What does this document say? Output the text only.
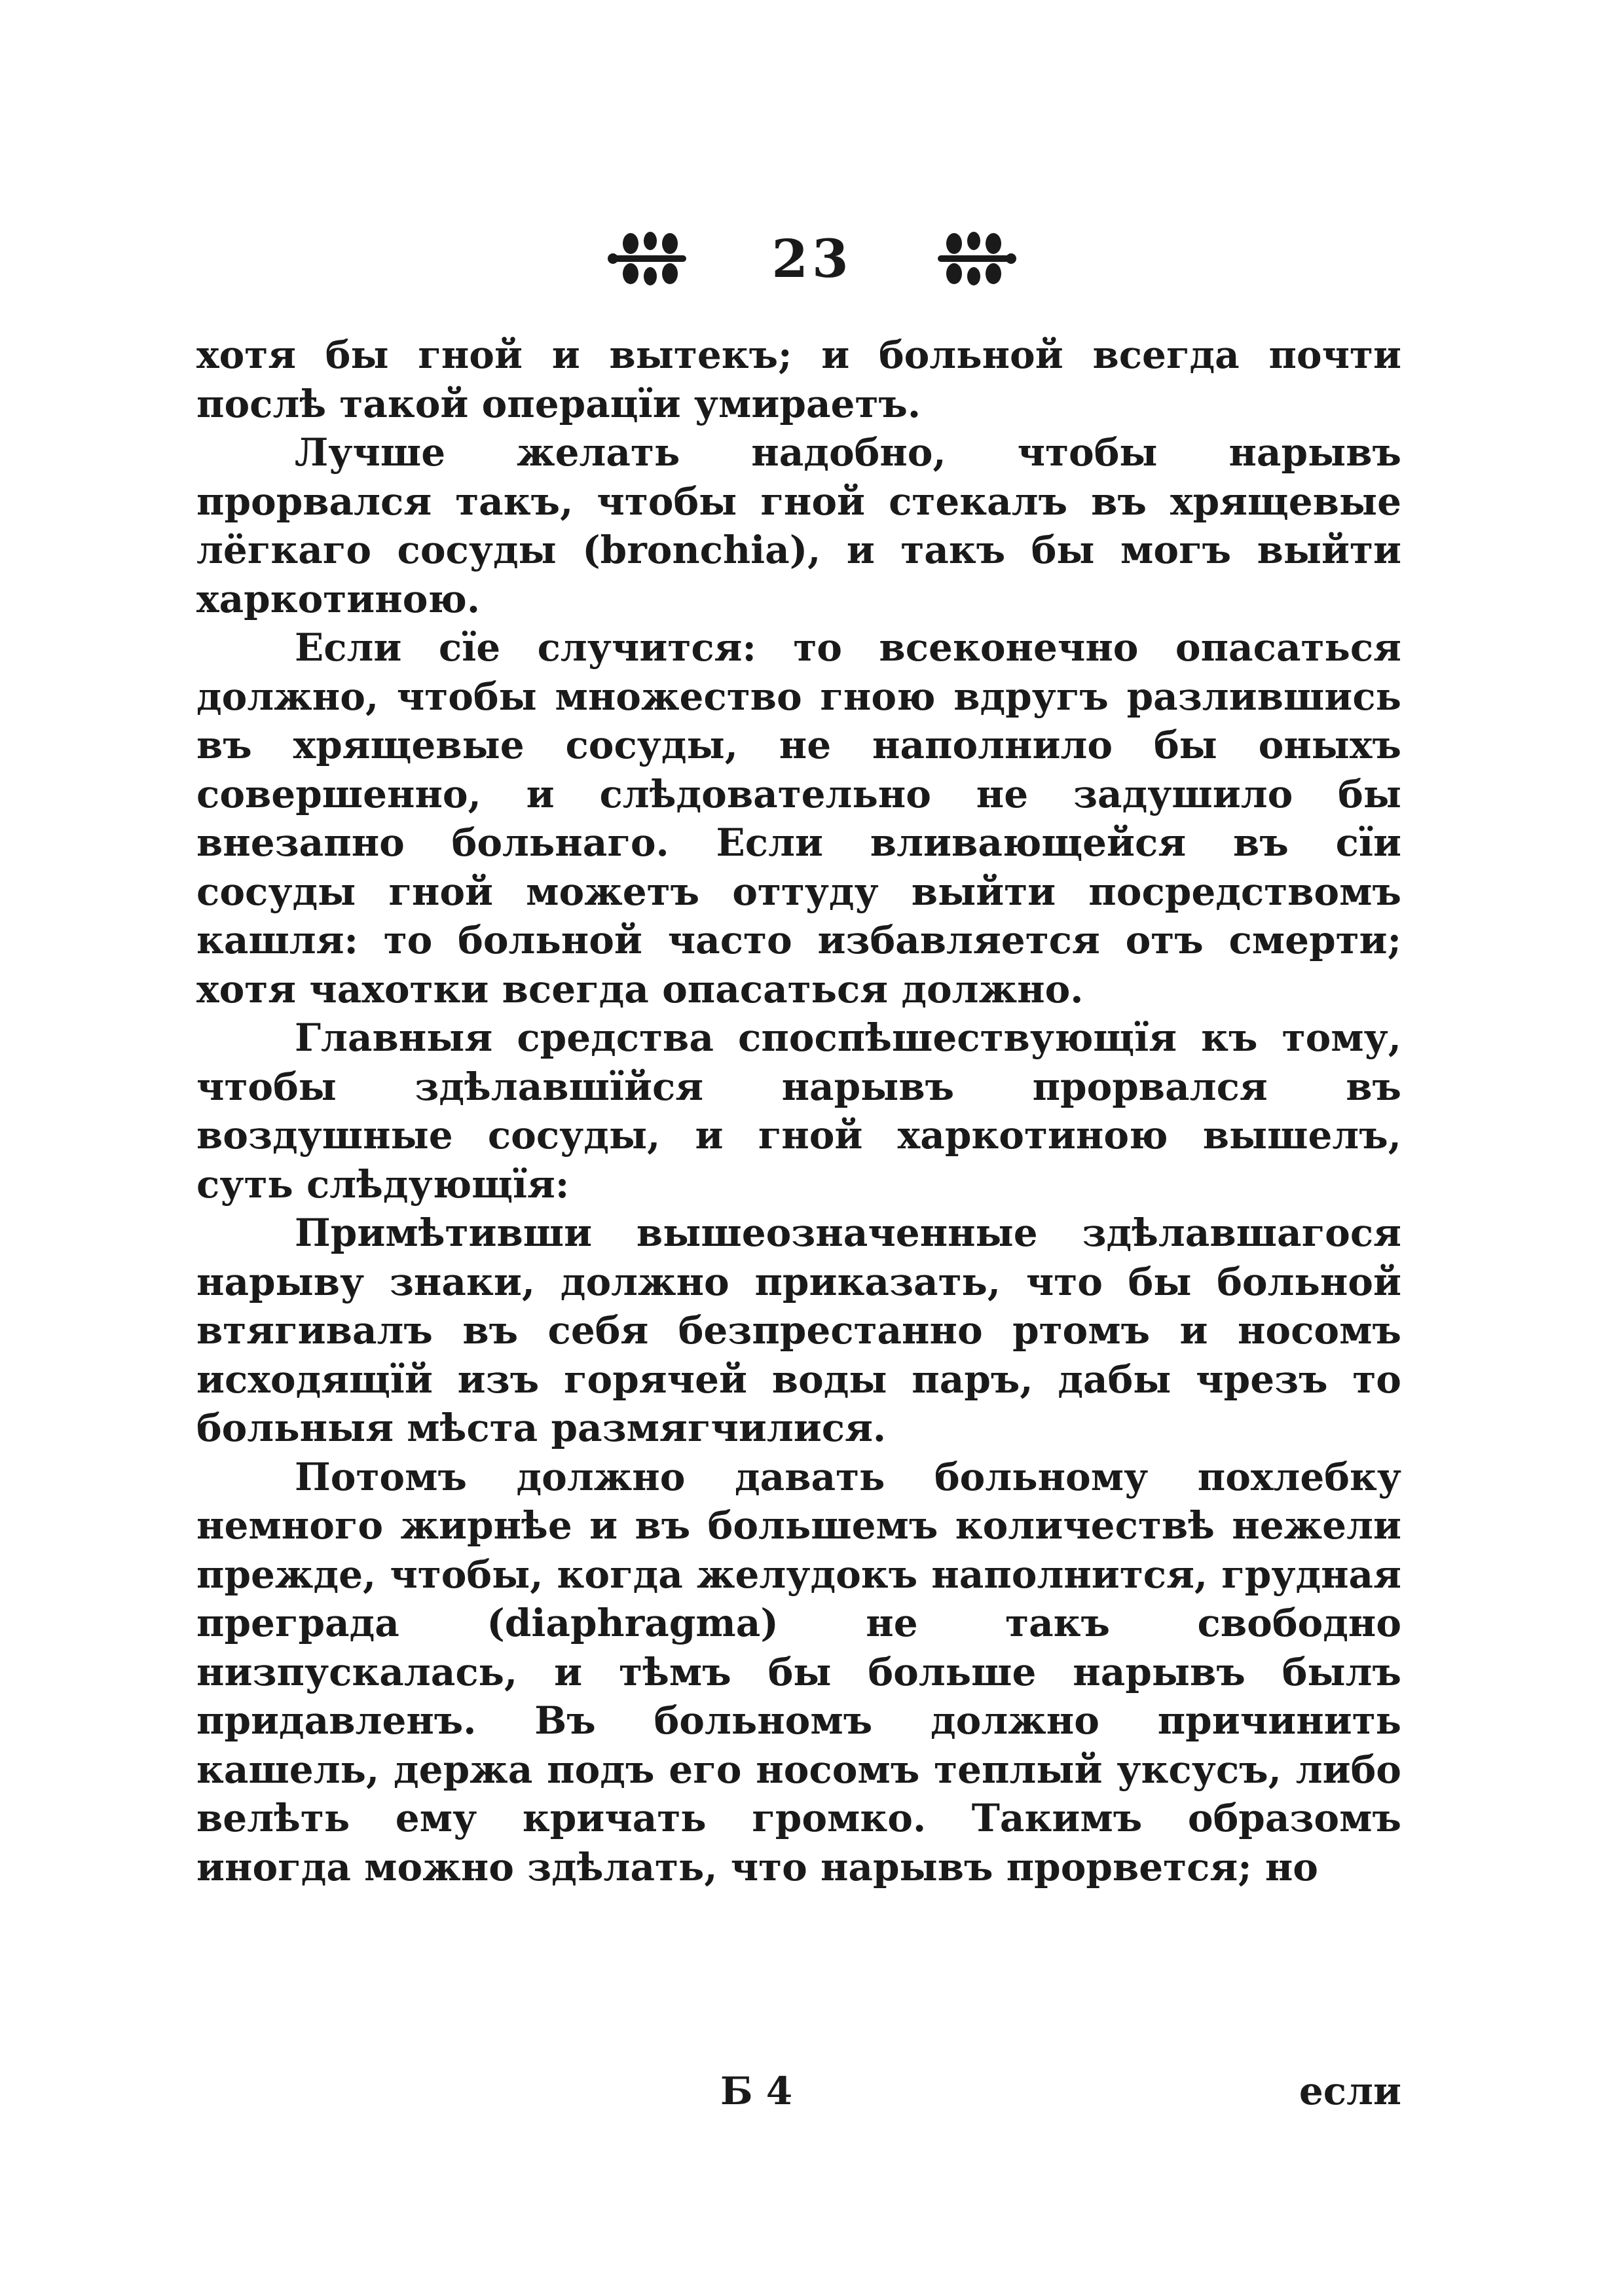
23

хотя бы гной и вытекъ; и больной всегда почти послѣ такой операцїи умираетъ.

Лучше желать надобно, чтобы нарывъ прорвался такъ, чтобы гной стекалъ въ хрящевые лёгкаго сосуды (bronchia), и такъ бы могъ выйти харкотиною.

Если сїе случится: то всеконечно опасаться должно, чтобы множество гною вдругъ разлившись въ хрящевые сосуды, не наполнило бы оныхъ совершенно, и слѣдовательно не задушило бы внезапно больнаго. Если вливающейся въ сїи сосуды гной можетъ оттуду выйти посредствомъ кашля: то больной часто избавляется отъ смерти; хотя чахотки всегда опасаться должно.

Главныя средства споспѣшествующїя къ тому, чтобы здѣлавшїйся нарывъ прорвался въ воздушные сосуды, и гной харкотиною вышелъ, суть слѣдующїя:

Примѣтивши вышеозначенные здѣлавшагося нарыву знаки, должно приказать, что бы больной втягивалъ въ себя безпрестанно ртомъ и носомъ исходящїй изъ горячей воды паръ, дабы чрезъ то больныя мѣста размягчилися.

Потомъ должно давать больному похлебку немного жирнѣе и въ большемъ количествѣ нежели прежде, чтобы, когда желудокъ наполнится, грудная преграда (diaphragma) не такъ свободно низпускалась, и тѣмъ бы больше нарывъ былъ придавленъ. Въ больномъ должно причинить кашель, держа подъ его носомъ теплый уксусъ, либо велѣть ему кричать громко. Такимъ образомъ иногда можно здѣлать, что нарывъ прорвется; но

Б 4	если
